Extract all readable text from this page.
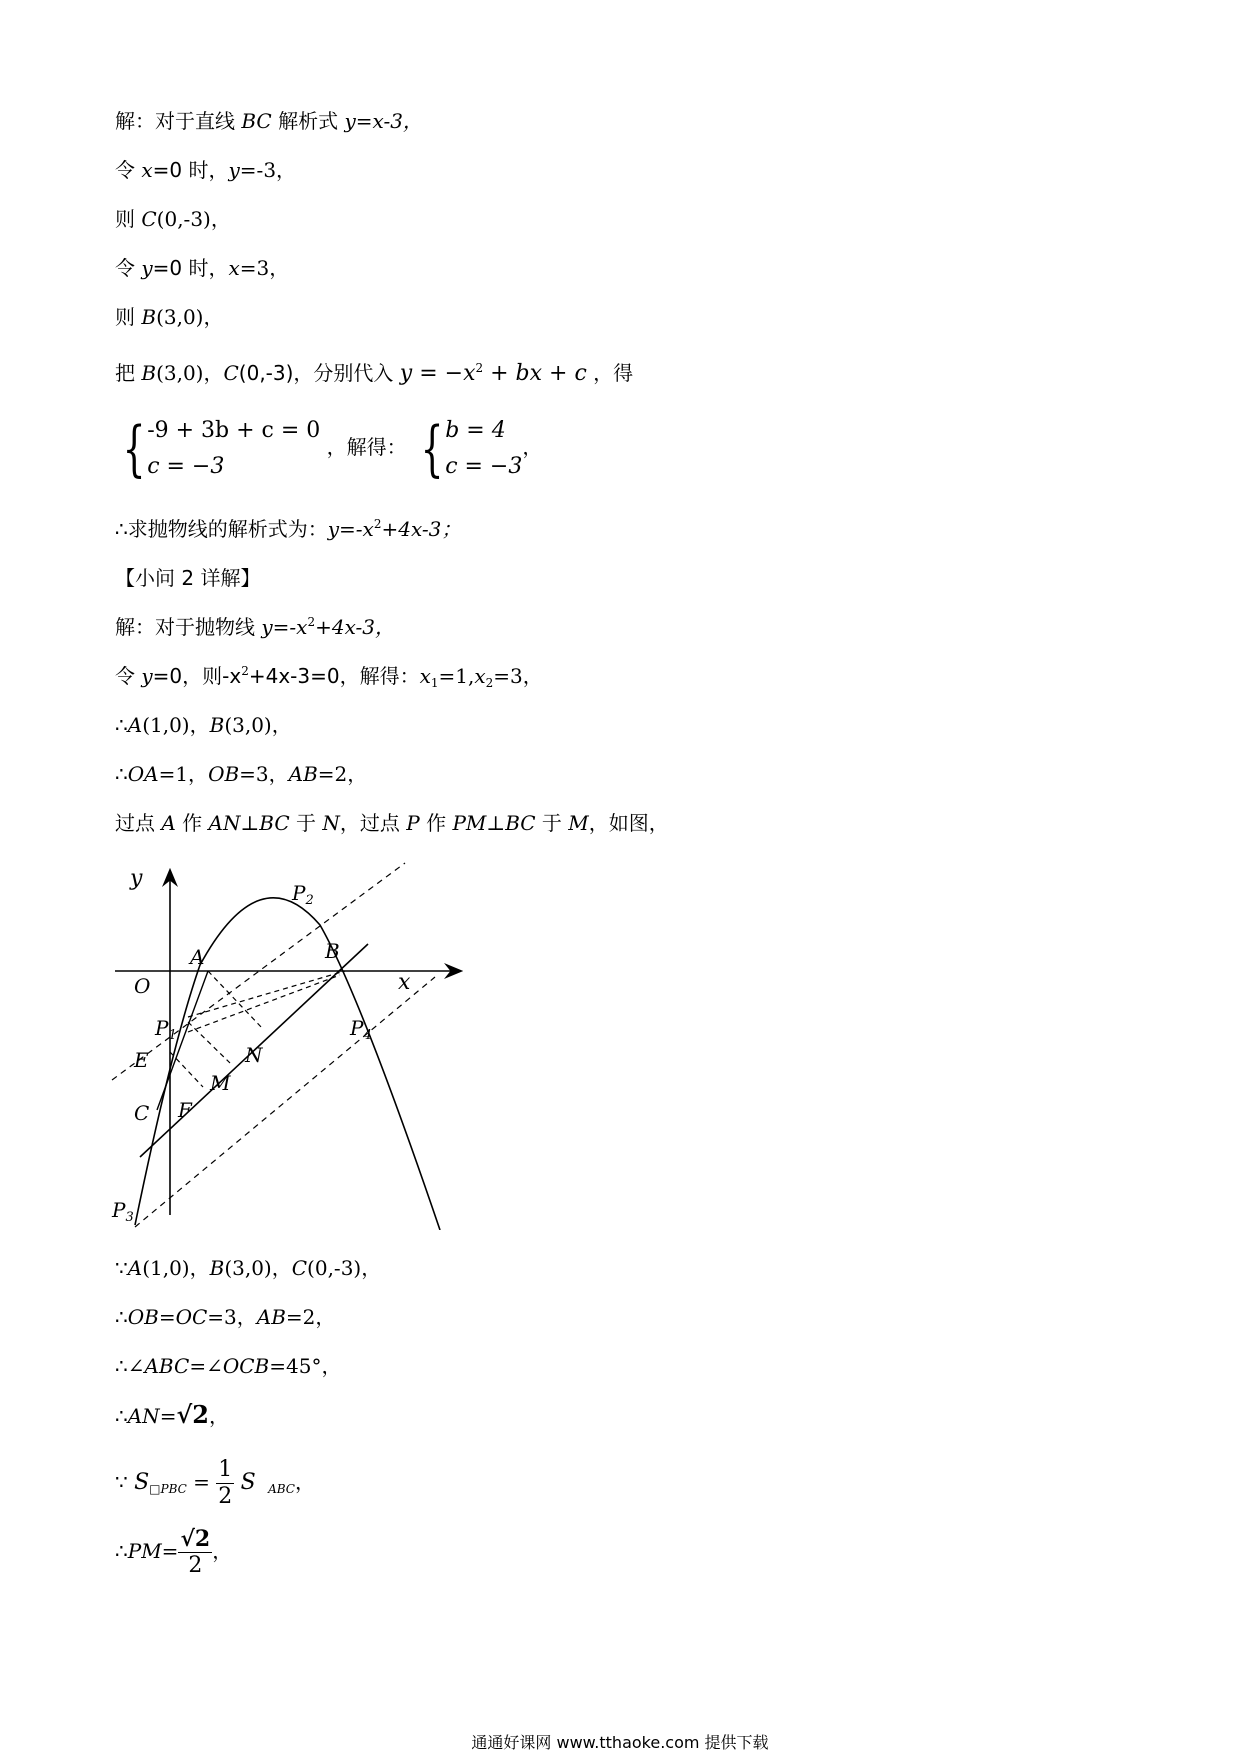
解：对于直线 BC 解析式 y=x-3，
令 x=0 时，y=-3，
则 C(0,-3)，
令 y=0 时，x=3，
则 B(3,0)，
把 B(3,0)，C(0,-3)，分别代入 $y = -x^2$ + bx + c ，得
{ -9 + 3b + c = 0
c = −3
，解得： { b = 4
c = −3
，
∴求抛物线的解析式为：$y=-x^2+4x-3$；
【小问 2 详解】
解：对于抛物线 $y=-x^2+4x-3$，
令 y=0，则$-x^2+4x-3=0$，解得：$x_1=1,x_2=3$，
∴A(1,0)，B(3,0)，
∴OA=1，OB=3，AB=2，
过点 A 作 AN⊥BC 于 N，过点 P 作 PM⊥BC 于 M，如图，
y
x
O
A	B
C
E
F
M
N
$P_1$
$P_2$
$P_3$
$P_4$
∵A(1,0)，B(3,0)，C(0,-3)，
∴OB=OC=3，AB=2，
∴∠ABC=∠OCB=45°，
∴AN=√2，
∵ $S_{□PBC} = \frac{1}{2}$ S $_{ABC}$，
∴PM= $\frac{√2}{2}$ ，
通通好课网 www.tthaoke.com 提供下载
